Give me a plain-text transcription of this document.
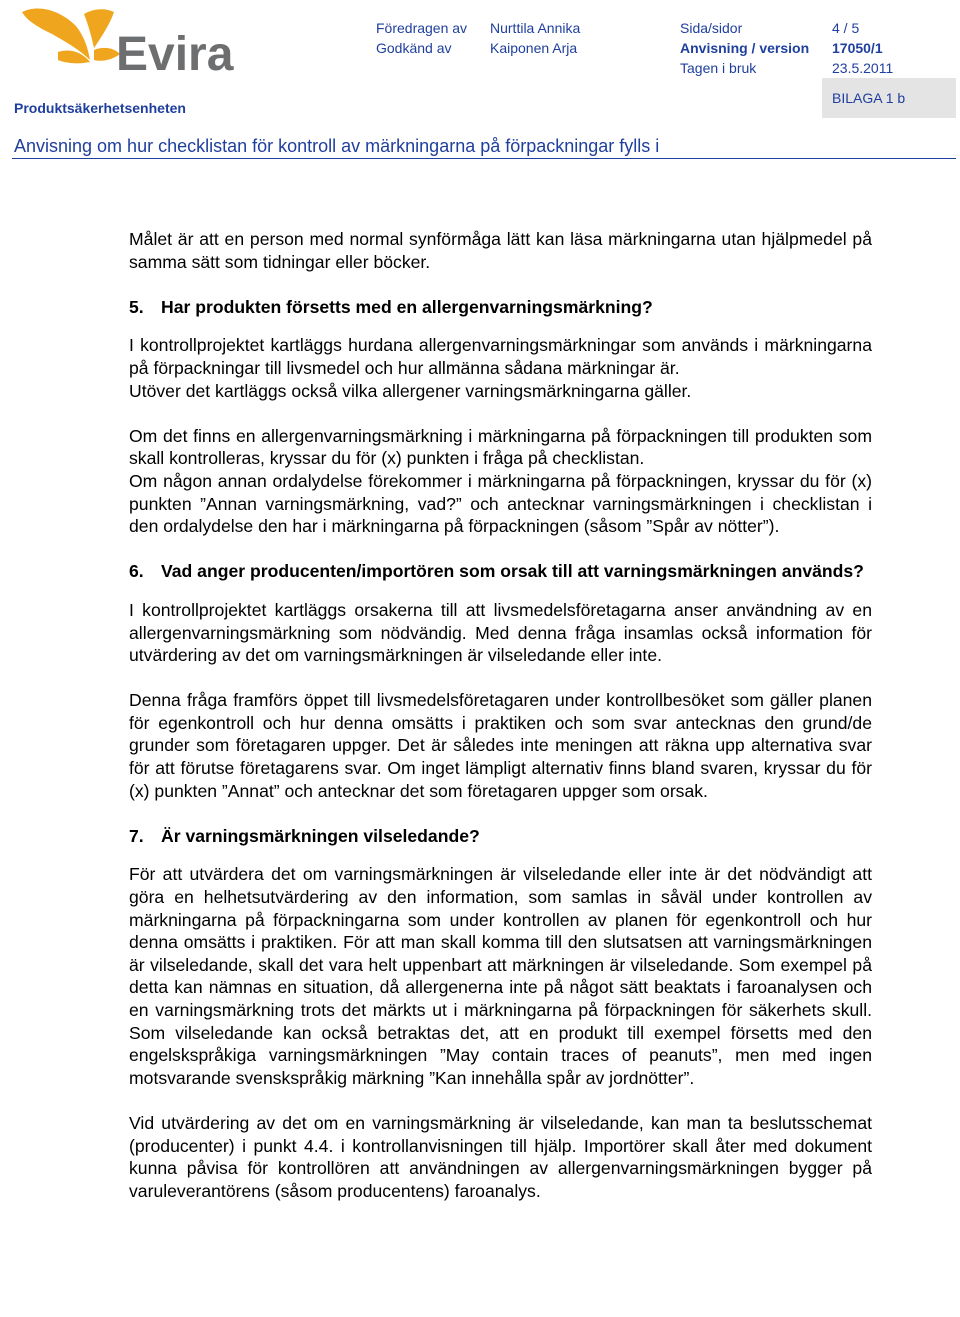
Evira	Föredragen av Nurttila Annika
Godkänd av	Kaiponen Arja
Sida/sidor	4 / 5
Anvisning / version 17050/1
Tagen i bruk	23.5.2011
Produktsäkerhetsenheten
BILAGA 1 b
Anvisning om hur checklistan för kontroll av märkningarna på förpackningar fylls i

Målet är att en person med normal synförmåga lätt kan läsa märkningarna utan hjälpmedel på samma sätt som tidningar eller böcker.

5. Har produkten försetts med en allergenvarningsmärkning?

I kontrollprojektet kartläggs hurdana allergenvarningsmärkningar som används i märkningarna på förpackningar till livsmedel och hur allmänna sådana märkningar är.

Utöver det kartläggs också vilka allergener varningsmärkningarna gäller.

Om det finns en allergenvarningsmärkning i märkningarna på förpackningen till produkten som skall kontrolleras, kryssar du för (x) punkten i fråga på checklistan.

Om någon annan ordalydelse förekommer i märkningarna på förpackningen, kryssar du för (x) punkten ”Annan varningsmärkning, vad?” och antecknar varningsmärkningen i checklistan i den ordalydelse den har i märkningarna på förpackningen (såsom ”Spår av nötter”).

6. Vad anger producenten/importören som orsak till att varningsmärkningen används?

I kontrollprojektet kartläggs orsakerna till att livsmedelsföretagarna anser användning av en allergenvarningsmärkning som nödvändig. Med denna fråga insamlas också information för utvärdering av det om varningsmärkningen är vilseledande eller inte.

Denna fråga framförs öppet till livsmedelsföretagaren under kontrollbesöket som gäller planen för egenkontroll och hur denna omsätts i praktiken och som svar antecknas den grund/de grunder som företagaren uppger. Det är således inte meningen att räkna upp alternativa svar för att förutse företagarens svar. Om inget lämpligt alternativ finns bland svaren, kryssar du för (x) punkten ”Annat” och antecknar det som företagaren uppger som orsak.

7. Är varningsmärkningen vilseledande?

För att utvärdera det om varningsmärkningen är vilseledande eller inte är det nödvändigt att göra en helhetsutvärdering av den information, som samlas in såväl under kontrollen av märkningarna på förpackningarna som under kontrollen av planen för egenkontroll och hur denna omsätts i praktiken. För att man skall komma till den slutsatsen att varningsmärkningen är vilseledande, skall det vara helt uppenbart att märkningen är vilseledande. Som exempel på detta kan nämnas en situation, då allergenerna inte på något sätt beaktats i faroanalysen och en varningsmärkning trots det märkts ut i märkningarna på förpackningen för säkerhets skull. Som vilseledande kan också betraktas det, att en produkt till exempel försetts med den engelskspråkiga varningsmärkningen ”May contain traces of peanuts”, men med ingen motsvarande svenskspråkig märkning ”Kan innehålla spår av jordnötter”.

Vid utvärdering av det om en varningsmärkning är vilseledande, kan man ta beslutsschemat (producenter) i punkt 4.4. i kontrollanvisningen till hjälp. Importörer skall åter med dokument kunna påvisa för kontrollören att användningen av allergenvarningsmärkningen bygger på varuleverantörens (såsom producentens) faroanalys.
